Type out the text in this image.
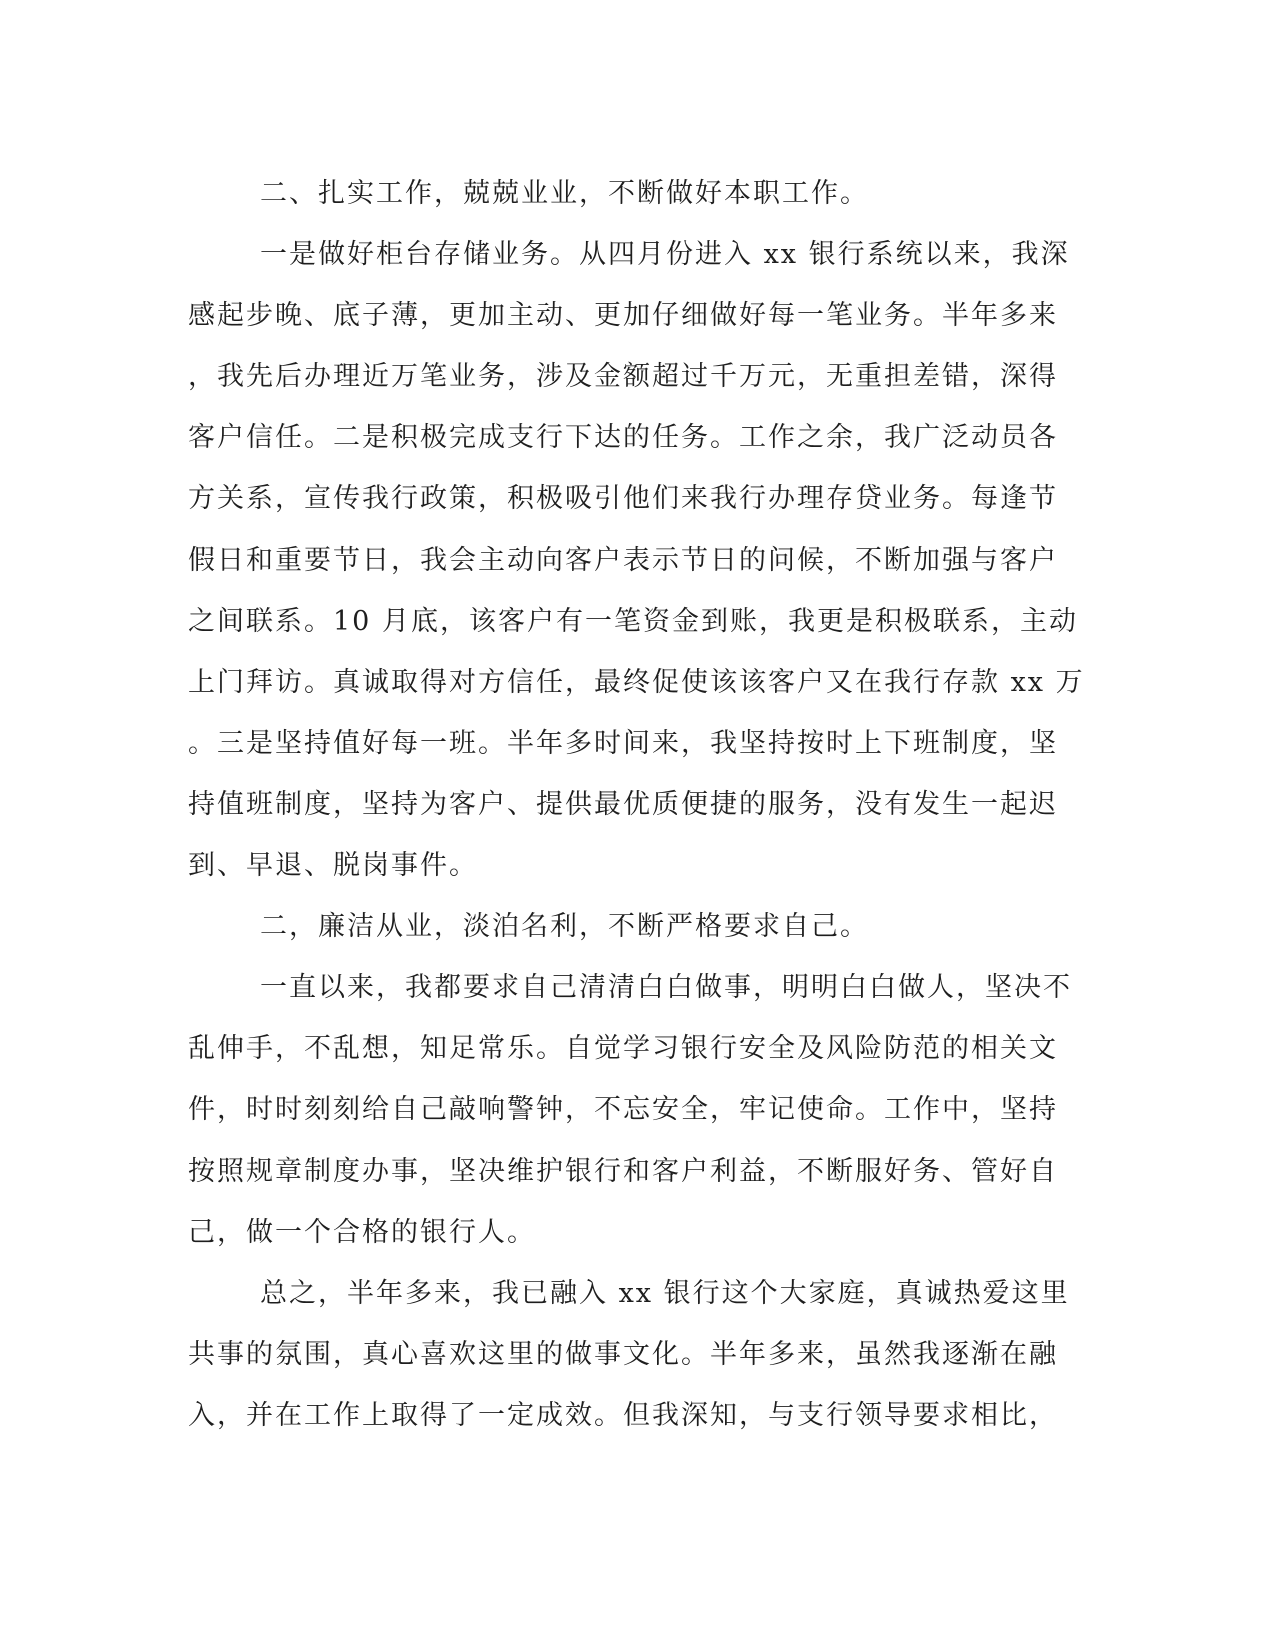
二、扎实工作，兢兢业业，不断做好本职工作。
一是做好柜台存储业务。从四月份进入 xx 银行系统以来，我深
感起步晚、底子薄，更加主动、更加仔细做好每一笔业务。半年多来
，我先后办理近万笔业务，涉及金额超过千万元，无重担差错，深得
客户信任。二是积极完成支行下达的任务。工作之余，我广泛动员各
方关系，宣传我行政策，积极吸引他们来我行办理存贷业务。每逢节
假日和重要节日，我会主动向客户表示节日的问候，不断加强与客户
之间联系。10 月底，该客户有一笔资金到账，我更是积极联系，主动
上门拜访。真诚取得对方信任，最终促使该该客户又在我行存款 xx 万
。三是坚持值好每一班。半年多时间来，我坚持按时上下班制度，坚
持值班制度，坚持为客户、提供最优质便捷的服务，没有发生一起迟
到、早退、脱岗事件。
二，廉洁从业，淡泊名利，不断严格要求自己。
一直以来，我都要求自己清清白白做事，明明白白做人，坚决不
乱伸手，不乱想，知足常乐。自觉学习银行安全及风险防范的相关文
件，时时刻刻给自己敲响警钟，不忘安全，牢记使命。工作中，坚持
按照规章制度办事，坚决维护银行和客户利益，不断服好务、管好自
己，做一个合格的银行人。
总之，半年多来，我已融入 xx 银行这个大家庭，真诚热爱这里
共事的氛围，真心喜欢这里的做事文化。半年多来，虽然我逐渐在融
入，并在工作上取得了一定成效。但我深知，与支行领导要求相比，
